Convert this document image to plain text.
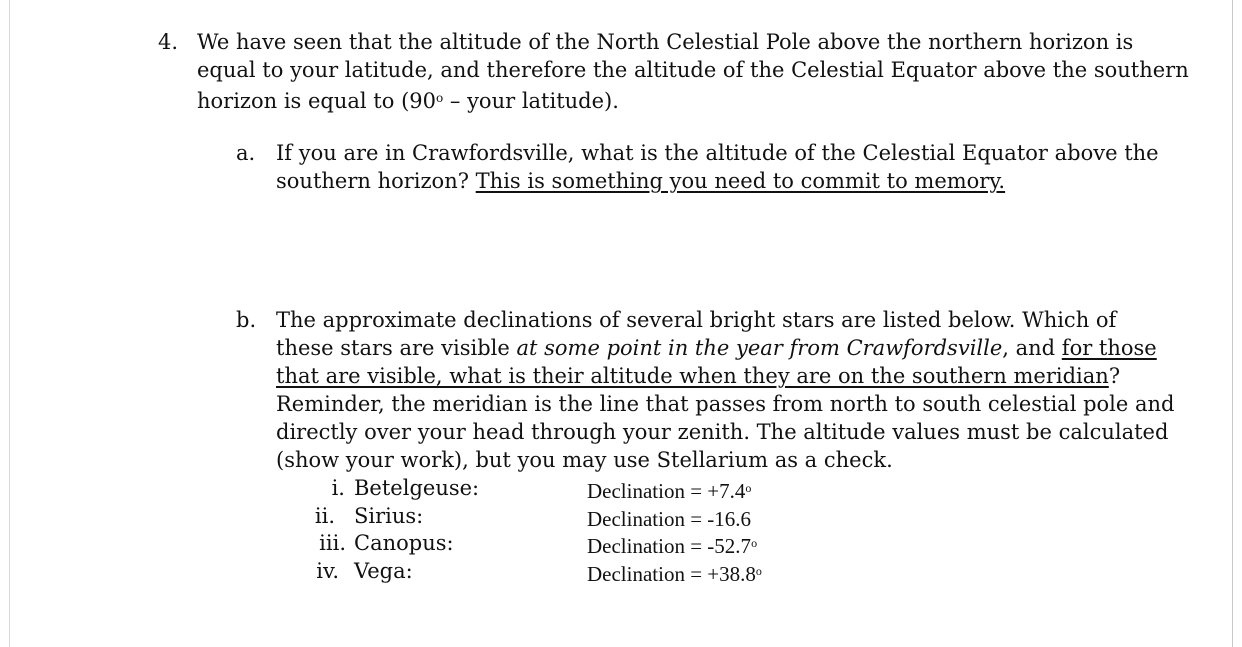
4. We have seen that the altitude of the North Celestial Pole above the northern horizon is
equal to your latitude, and therefore the altitude of the Celestial Equator above the southern
horizon is equal to (90$^o$ – your latitude).
a. If you are in Crawfordsville, what is the altitude of the Celestial Equator above the
southern horizon? This is something you need to commit to memory.
b. The approximate declinations of several bright stars are listed below. Which of
these stars are visible at some point in the year from Crawfordsville, and for those
that are visible, what is their altitude when they are on the southern meridian?
Reminder, the meridian is the line that passes from north to south celestial pole and
directly over your head through your zenith. The altitude values must be calculated
(show your work), but you may use Stellarium as a check.
i. Betelgeuse:	Declination = $+7.4^o$
ii. Sirius:	Declination = -16.6
iii. Canopus:	Declination = $-52.7^o$
iv. Vega:	Declination = $+38.8^o$
